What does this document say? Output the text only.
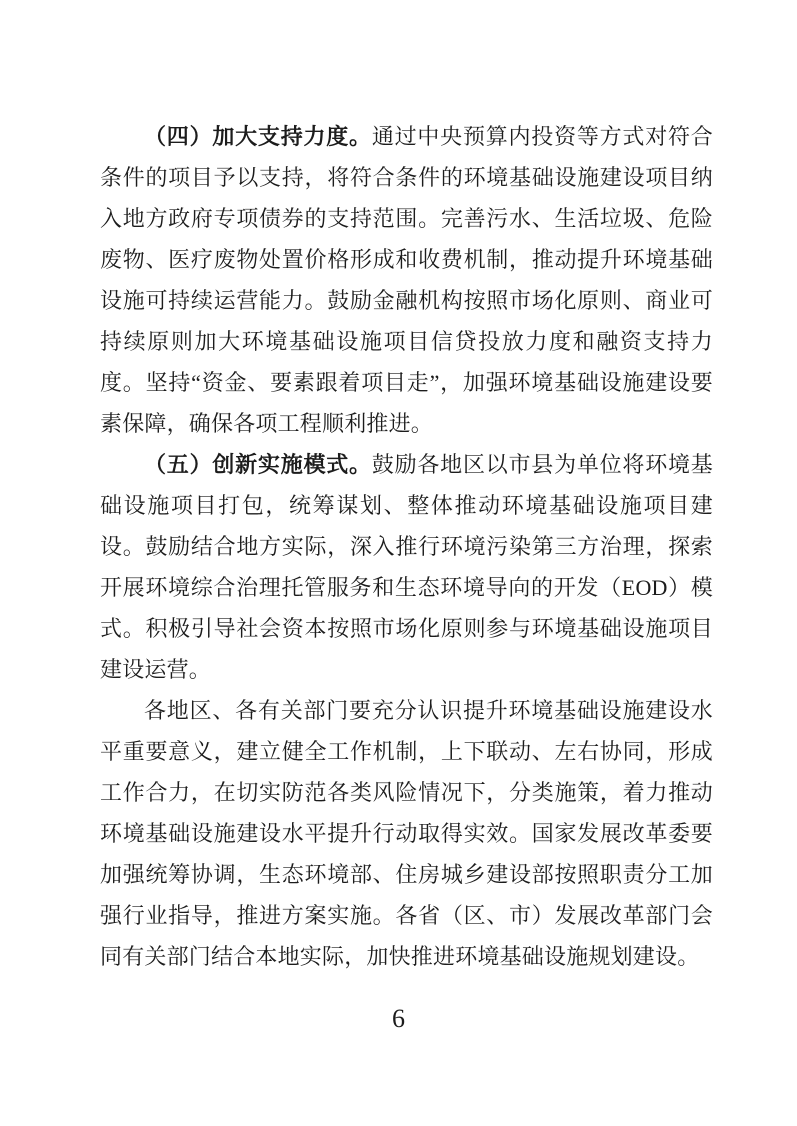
（四）加大支持力度。通过中央预算内投资等方式对符合条件的项目予以支持，将符合条件的环境基础设施建设项目纳入地方政府专项债券的支持范围。完善污水、生活垃圾、危险废物、医疗废物处置价格形成和收费机制，推动提升环境基础设施可持续运营能力。鼓励金融机构按照市场化原则、商业可持续原则加大环境基础设施项目信贷投放力度和融资支持力度。坚持“资金、要素跟着项目走”，加强环境基础设施建设要素保障，确保各项工程顺利推进。

（五）创新实施模式。鼓励各地区以市县为单位将环境基础设施项目打包，统筹谋划、整体推动环境基础设施项目建设。鼓励结合地方实际，深入推行环境污染第三方治理，探索开展环境综合治理托管服务和生态环境导向的开发（EOD）模式。积极引导社会资本按照市场化原则参与环境基础设施项目建设运营。

各地区、各有关部门要充分认识提升环境基础设施建设水平重要意义，建立健全工作机制，上下联动、左右协同，形成工作合力，在切实防范各类风险情况下，分类施策，着力推动环境基础设施建设水平提升行动取得实效。国家发展改革委要加强统筹协调，生态环境部、住房城乡建设部按照职责分工加强行业指导，推进方案实施。各省（区、市）发展改革部门会同有关部门结合本地实际，加快推进环境基础设施规划建设。

6
